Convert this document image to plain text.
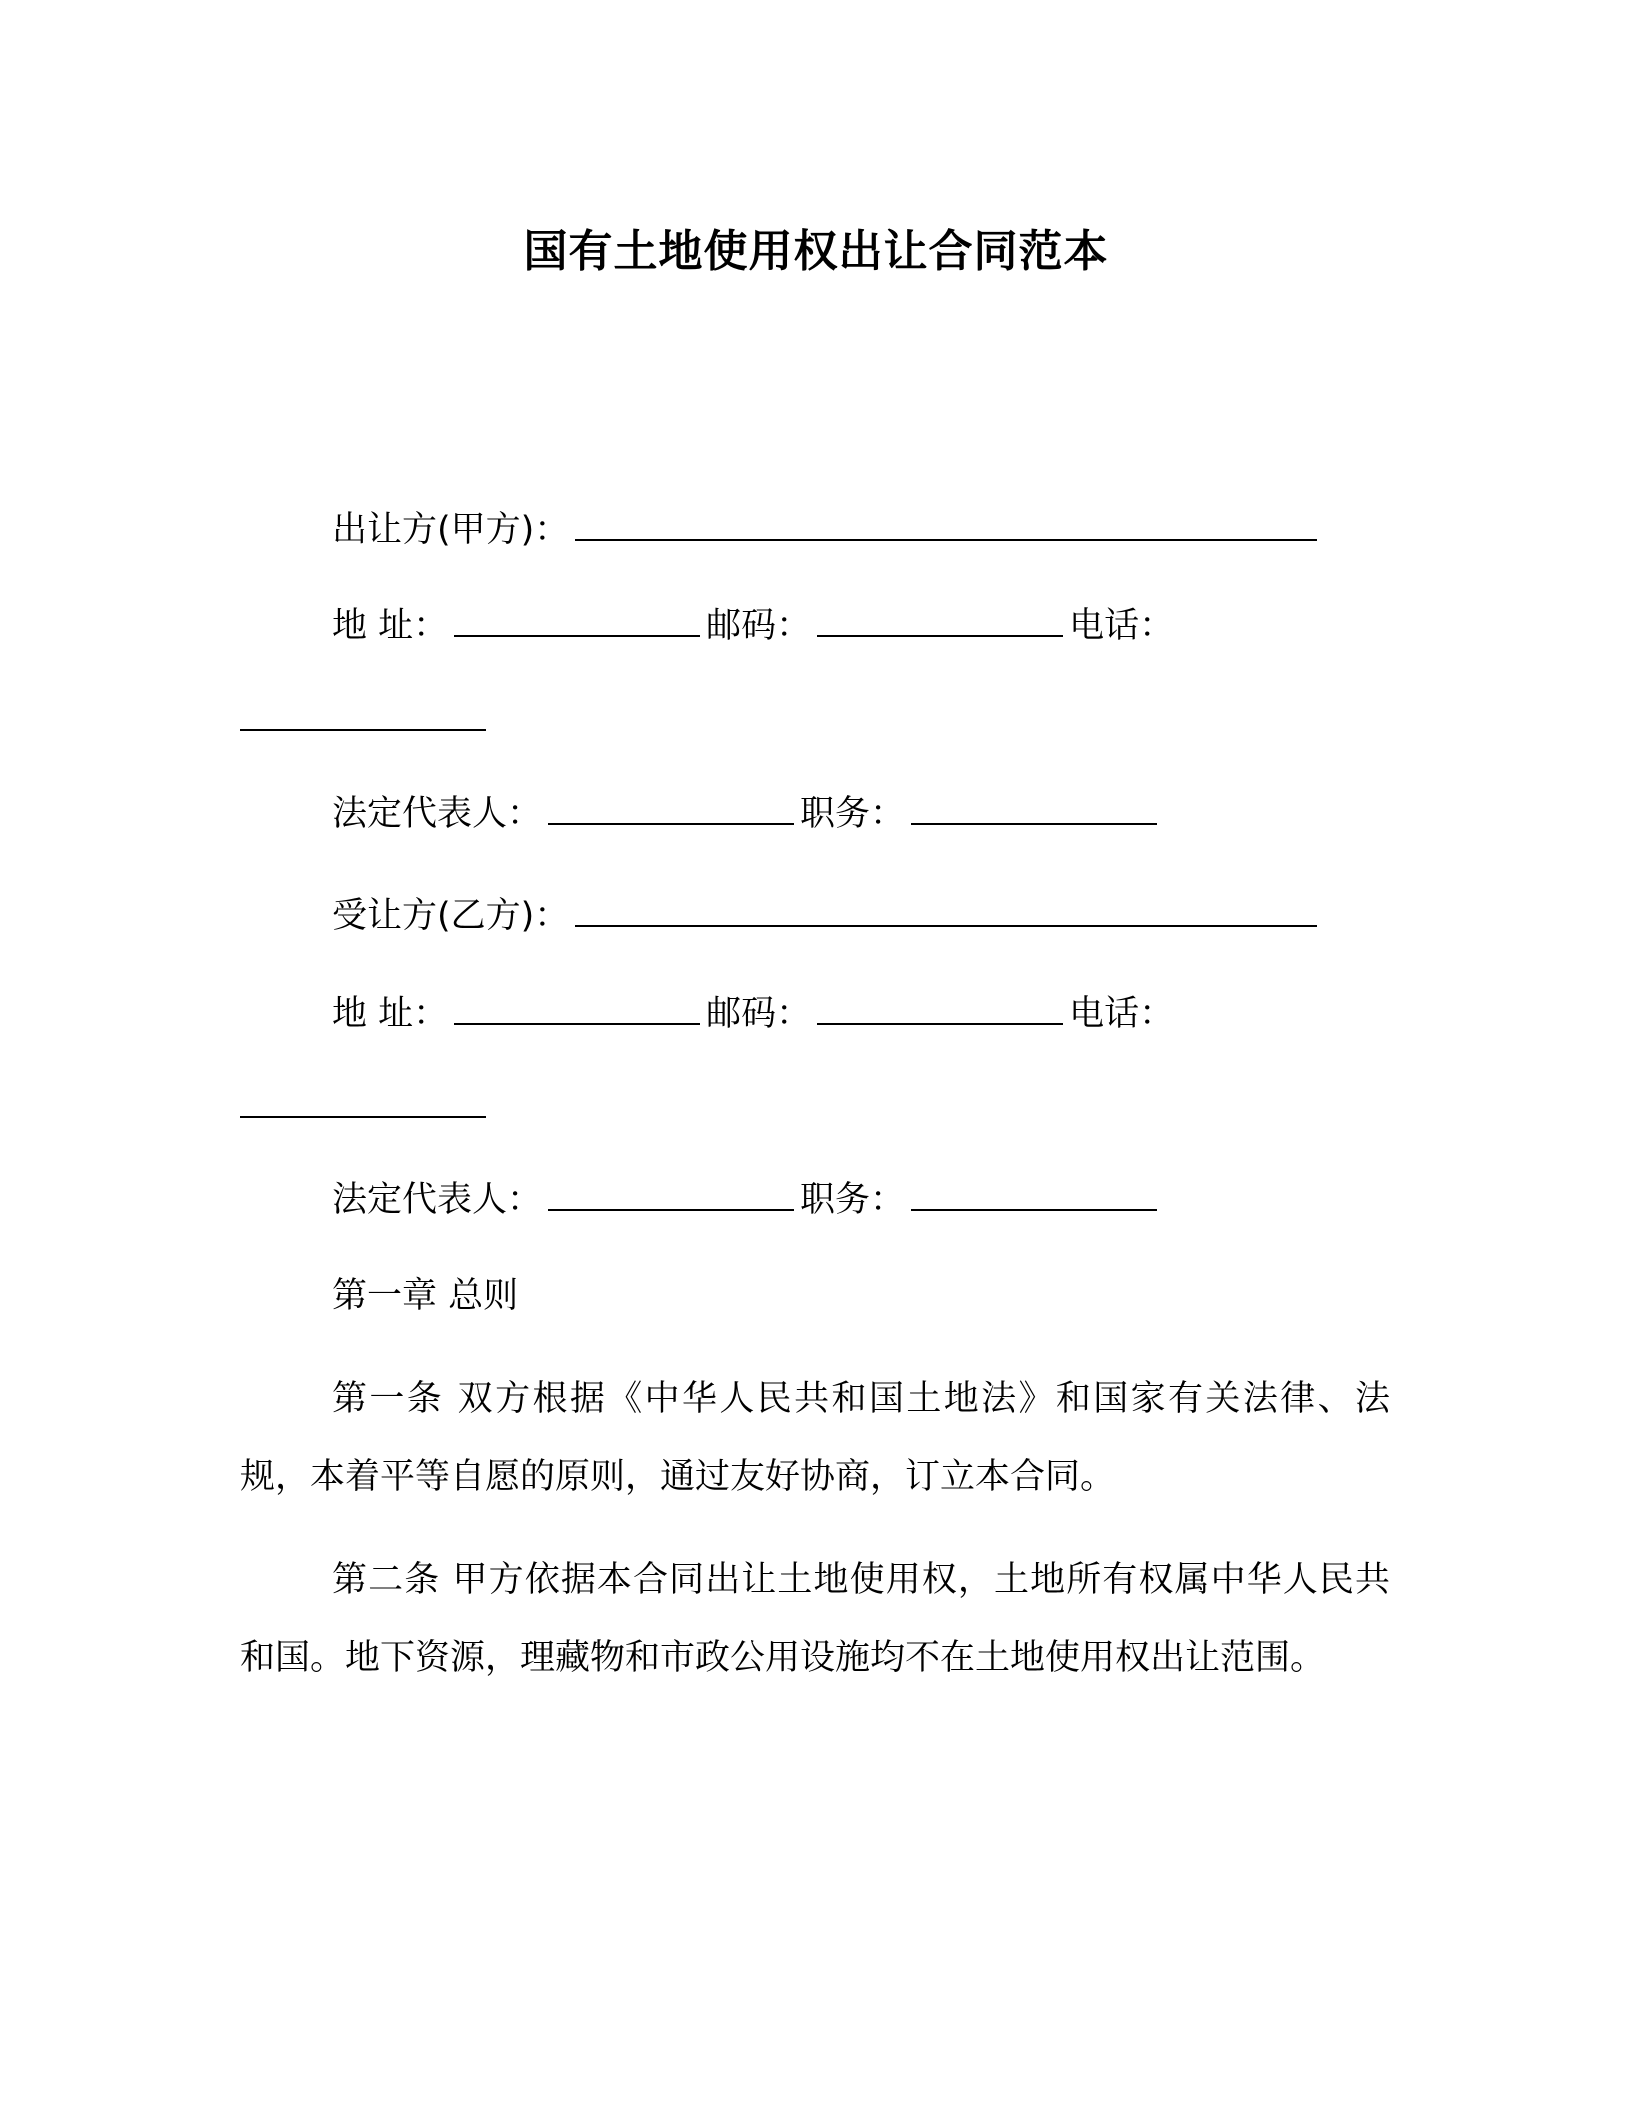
国有土地使用权出让合同范本

出让方(甲方)：

地 址：	邮码：	电话：

法定代表人：	职务：

受让方(乙方)：

地 址：	邮码：	电话：

法定代表人：	职务：

第一章 总则

第一条 双方根据《中华人民共和国土地法》和国家有关法律、法规，本着平等自愿的原则，通过友好协商，订立本合同。

第二条 甲方依据本合同出让土地使用权，土地所有权属中华人民共和国。地下资源，理藏物和市政公用设施均不在土地使用权出让范围。
